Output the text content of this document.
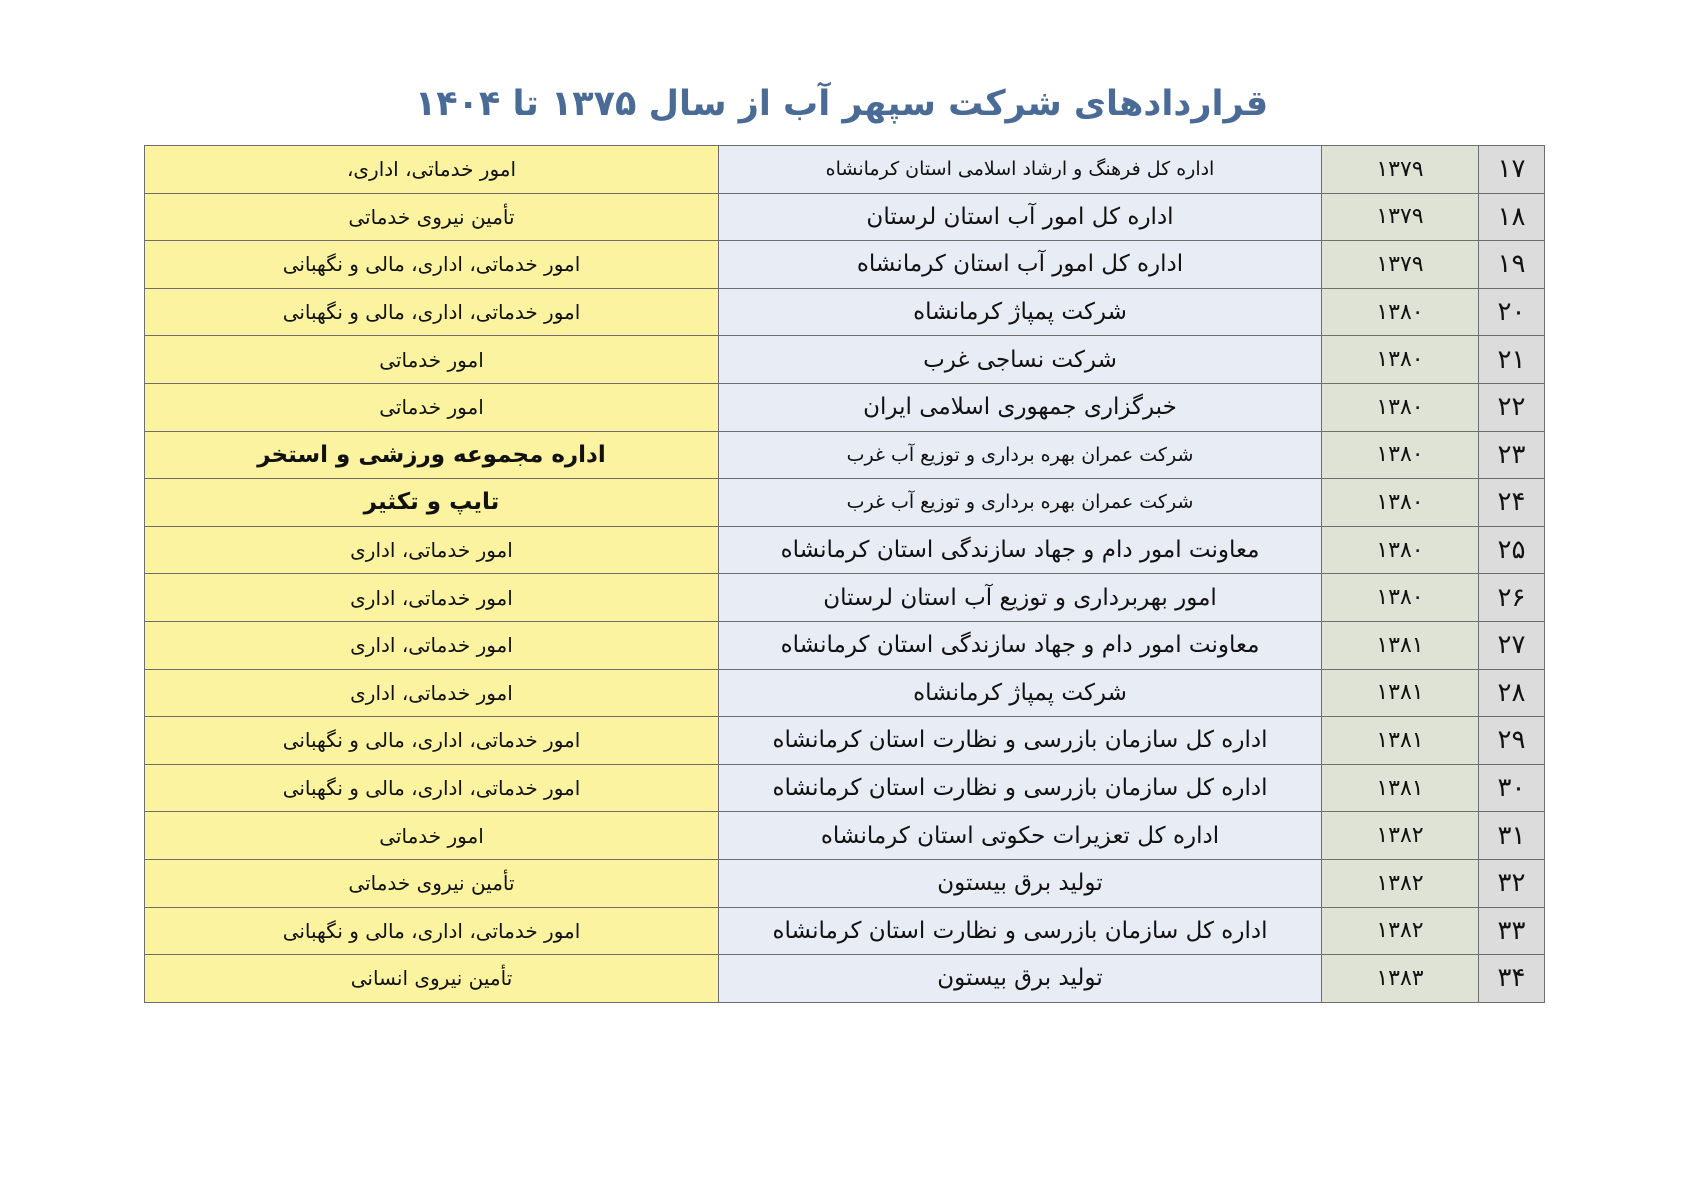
قراردادهای شرکت سپهر آب از سال ۱۳۷۵ تا ۱۴۰۴
۱۷	۱۳۷۹	اداره کل فرهنگ و ارشاد اسلامی استان کرمانشاه	امور خدماتی، اداری،
۱۸	۱۳۷۹	اداره کل امور آب استان لرستان	تأمین نیروی خدماتی
۱۹	۱۳۷۹	اداره کل امور آب استان کرمانشاه	امور خدماتی، اداری، مالی و نگهبانی
۲۰	۱۳۸۰	شرکت پمپاژ کرمانشاه	امور خدماتی، اداری، مالی و نگهبانی
۲۱	۱۳۸۰	شرکت نساجی غرب	امور خدماتی
۲۲	۱۳۸۰	خبرگزاری جمهوری اسلامی ایران	امور خدماتی
۲۳	۱۳۸۰	شرکت عمران بهره برداری و توزیع آب غرب	اداره مجموعه ورزشی و استخر
۲۴	۱۳۸۰	شرکت عمران بهره برداری و توزیع آب غرب	تایپ و تکثیر
۲۵	۱۳۸۰	معاونت امور دام و جهاد سازندگی استان کرمانشاه	امور خدماتی، اداری
۲۶	۱۳۸۰	امور بهربرداری و توزیع آب استان لرستان	امور خدماتی، اداری
۲۷	۱۳۸۱	معاونت امور دام و جهاد سازندگی استان کرمانشاه	امور خدماتی، اداری
۲۸	۱۳۸۱	شرکت پمپاژ کرمانشاه	امور خدماتی، اداری
۲۹	۱۳۸۱	اداره کل سازمان بازرسی و نظارت استان کرمانشاه	امور خدماتی، اداری، مالی و نگهبانی
۳۰	۱۳۸۱	اداره کل سازمان بازرسی و نظارت استان کرمانشاه	امور خدماتی، اداری، مالی و نگهبانی
۳۱	۱۳۸۲	اداره کل تعزیرات حکوتی استان کرمانشاه	امور خدماتی
۳۲	۱۳۸۲	تولید برق بیستون	تأمین نیروی خدماتی
۳۳	۱۳۸۲	اداره کل سازمان بازرسی و نظارت استان کرمانشاه	امور خدماتی، اداری، مالی و نگهبانی
۳۴	۱۳۸۳	تولید برق بیستون	تأمین نیروی انسانی
